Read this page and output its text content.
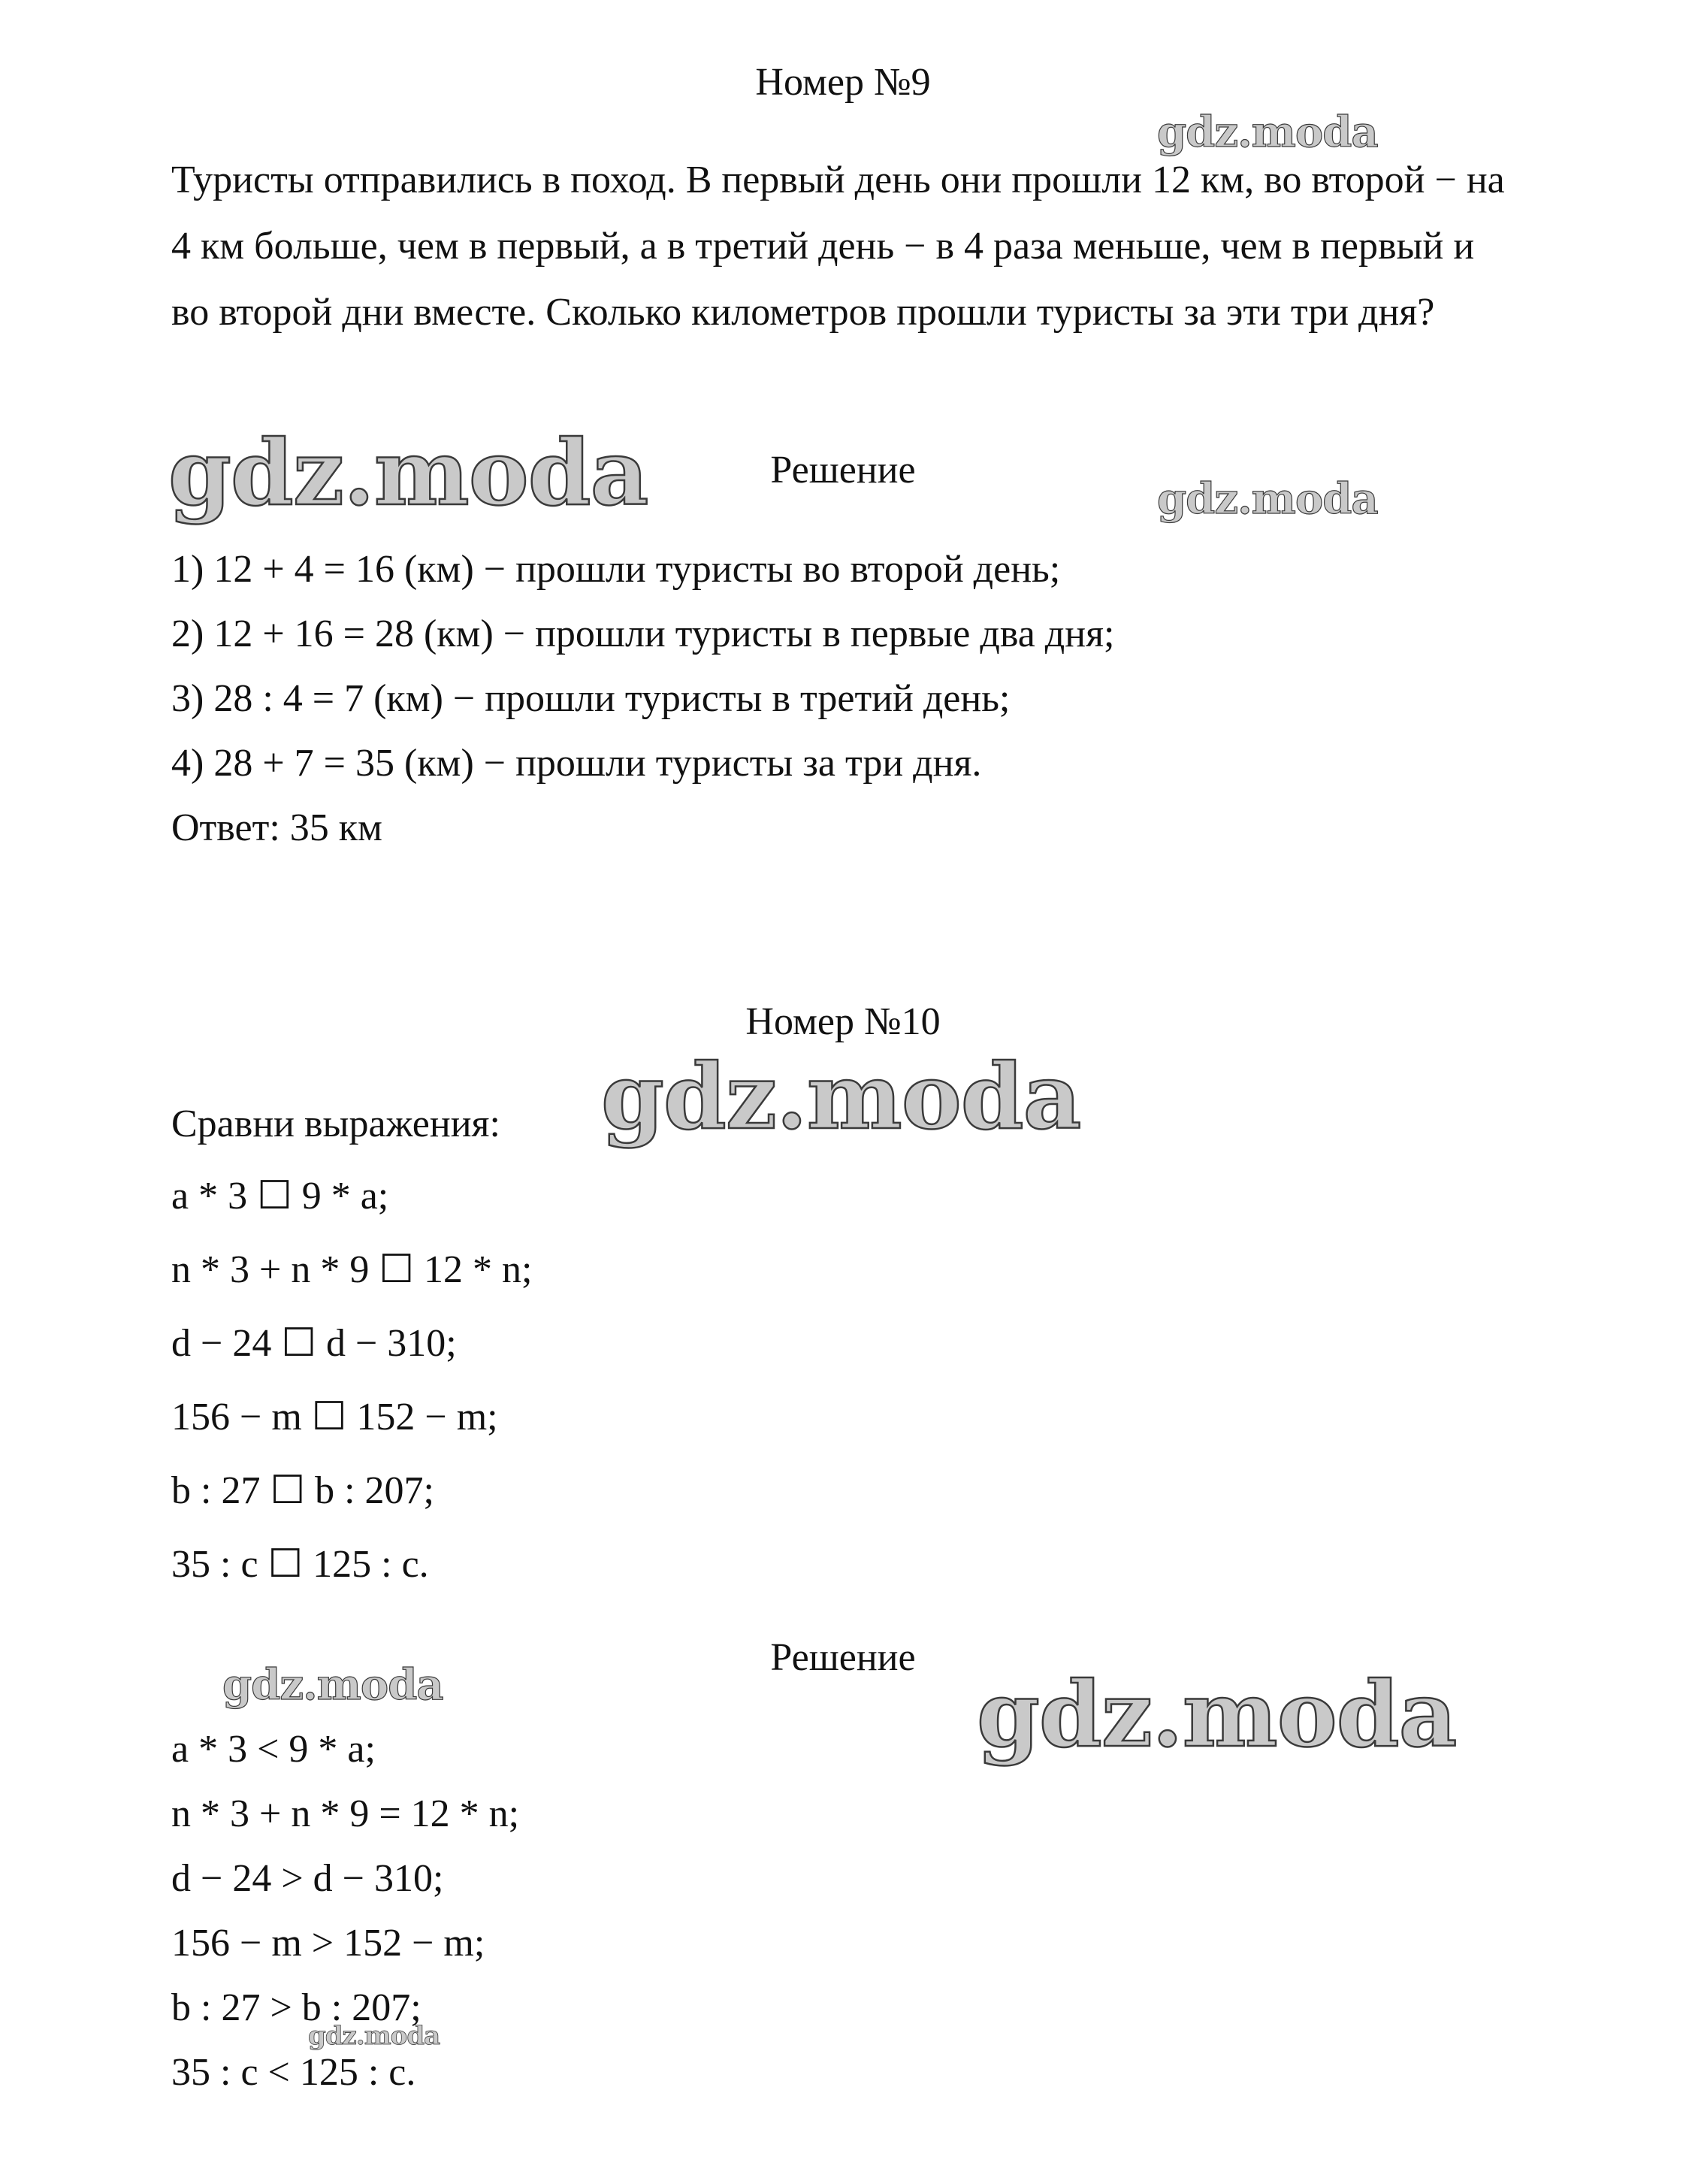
Номер №9
Туристы отправились в поход. В первый день они прошли 12 км, во второй − на 4 км больше, чем в первый, а в третий день − в 4 раза меньше, чем в первый и во второй дни вместе. Сколько километров прошли туристы за эти три дня?
Решение
1) 12 + 4 = 16 (км) − прошли туристы во второй день;
2) 12 + 16 = 28 (км) − прошли туристы в первые два дня;
3) 28 : 4 = 7 (км) − прошли туристы в третий день;
4) 28 + 7 = 35 (км) − прошли туристы за три дня.
Ответ: 35 км
Номер №10
Сравни выражения:
a * 3 ☐ 9 * a;
n * 3 + n * 9 ☐ 12 * n;
d − 24 ☐ d − 310;
156 − m ☐ 152 − m;
b : 27 ☐ b : 207;
35 : c ☐ 125 : c.
Решение
a * 3 < 9 * a;
n * 3 + n * 9 = 12 * n;
d − 24 > d − 310;
156 − m > 152 − m;
b : 27 > b : 207;
35 : c < 125 : c.
gdz.moda
gdz.moda	gdz.moda
gdz.moda
gdz.moda	gdz.moda
gdz.moda
